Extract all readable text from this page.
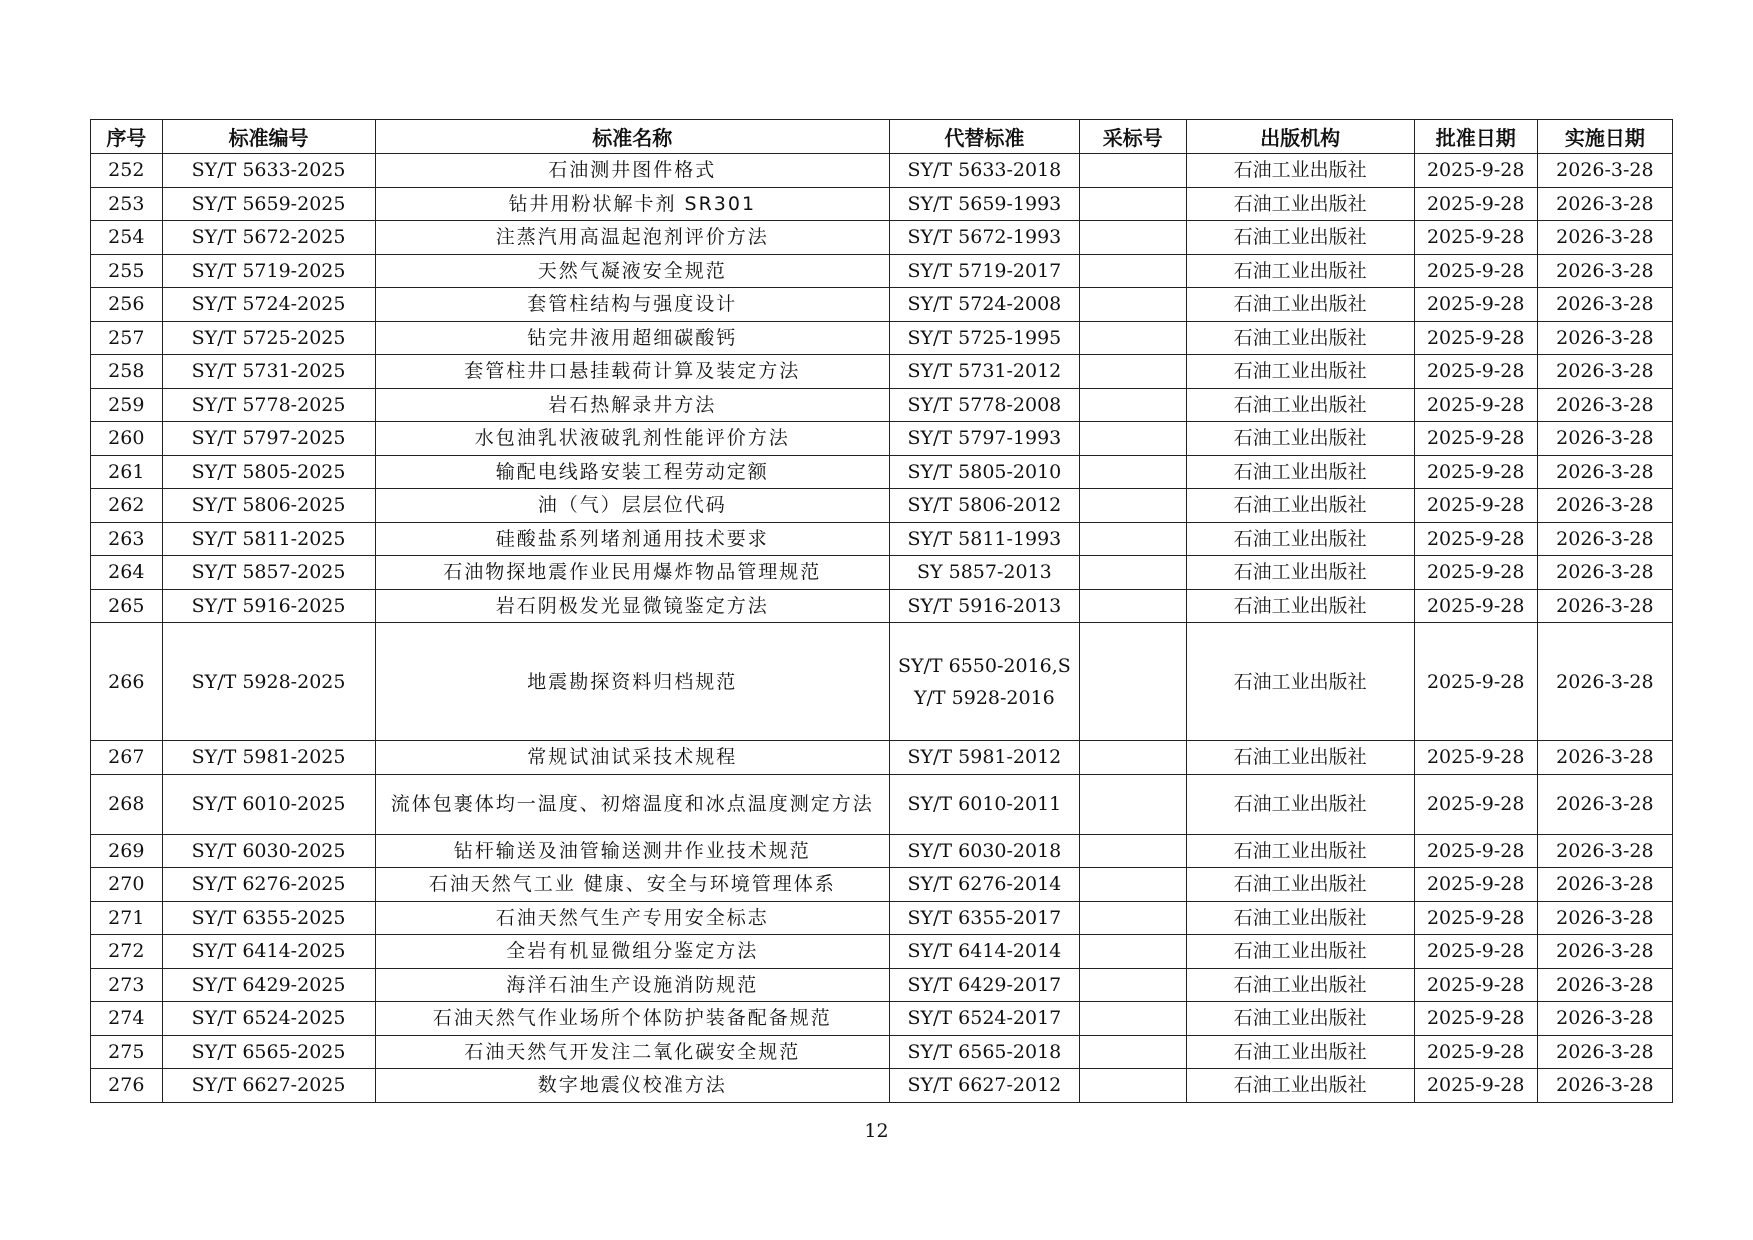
序号	标准编号	标准名称	代替标准	采标号	出版机构	批准日期	实施日期
252	SY/T 5633-2025	石油测井图件格式	SY/T 5633-2018		石油工业出版社	2025-9-28	2026-3-28
253	SY/T 5659-2025	钻井用粉状解卡剂 SR301	SY/T 5659-1993		石油工业出版社	2025-9-28	2026-3-28
254	SY/T 5672-2025	注蒸汽用高温起泡剂评价方法	SY/T 5672-1993		石油工业出版社	2025-9-28	2026-3-28
255	SY/T 5719-2025	天然气凝液安全规范	SY/T 5719-2017		石油工业出版社	2025-9-28	2026-3-28
256	SY/T 5724-2025	套管柱结构与强度设计	SY/T 5724-2008		石油工业出版社	2025-9-28	2026-3-28
257	SY/T 5725-2025	钻完井液用超细碳酸钙	SY/T 5725-1995		石油工业出版社	2025-9-28	2026-3-28
258	SY/T 5731-2025	套管柱井口悬挂载荷计算及装定方法	SY/T 5731-2012		石油工业出版社	2025-9-28	2026-3-28
259	SY/T 5778-2025	岩石热解录井方法	SY/T 5778-2008		石油工业出版社	2025-9-28	2026-3-28
260	SY/T 5797-2025	水包油乳状液破乳剂性能评价方法	SY/T 5797-1993		石油工业出版社	2025-9-28	2026-3-28
261	SY/T 5805-2025	输配电线路安装工程劳动定额	SY/T 5805-2010		石油工业出版社	2025-9-28	2026-3-28
262	SY/T 5806-2025	油（气）层层位代码	SY/T 5806-2012		石油工业出版社	2025-9-28	2026-3-28
263	SY/T 5811-2025	硅酸盐系列堵剂通用技术要求	SY/T 5811-1993		石油工业出版社	2025-9-28	2026-3-28
264	SY/T 5857-2025	石油物探地震作业民用爆炸物品管理规范	SY 5857-2013		石油工业出版社	2025-9-28	2026-3-28
265	SY/T 5916-2025	岩石阴极发光显微镜鉴定方法	SY/T 5916-2013		石油工业出版社	2025-9-28	2026-3-28
266	SY/T 5928-2025	地震勘探资料归档规范	SY/T 6550-2016,SY/T 5928-2016		石油工业出版社	2025-9-28	2026-3-28
267	SY/T 5981-2025	常规试油试采技术规程	SY/T 5981-2012		石油工业出版社	2025-9-28	2026-3-28
268	SY/T 6010-2025	流体包裹体均一温度、初熔温度和冰点温度测定方法	SY/T 6010-2011		石油工业出版社	2025-9-28	2026-3-28
269	SY/T 6030-2025	钻杆输送及油管输送测井作业技术规范	SY/T 6030-2018		石油工业出版社	2025-9-28	2026-3-28
270	SY/T 6276-2025	石油天然气工业 健康、安全与环境管理体系	SY/T 6276-2014		石油工业出版社	2025-9-28	2026-3-28
271	SY/T 6355-2025	石油天然气生产专用安全标志	SY/T 6355-2017		石油工业出版社	2025-9-28	2026-3-28
272	SY/T 6414-2025	全岩有机显微组分鉴定方法	SY/T 6414-2014		石油工业出版社	2025-9-28	2026-3-28
273	SY/T 6429-2025	海洋石油生产设施消防规范	SY/T 6429-2017		石油工业出版社	2025-9-28	2026-3-28
274	SY/T 6524-2025	石油天然气作业场所个体防护装备配备规范	SY/T 6524-2017		石油工业出版社	2025-9-28	2026-3-28
275	SY/T 6565-2025	石油天然气开发注二氧化碳安全规范	SY/T 6565-2018		石油工业出版社	2025-9-28	2026-3-28
276	SY/T 6627-2025	数字地震仪校准方法	SY/T 6627-2012		石油工业出版社	2025-9-28	2026-3-28
12
